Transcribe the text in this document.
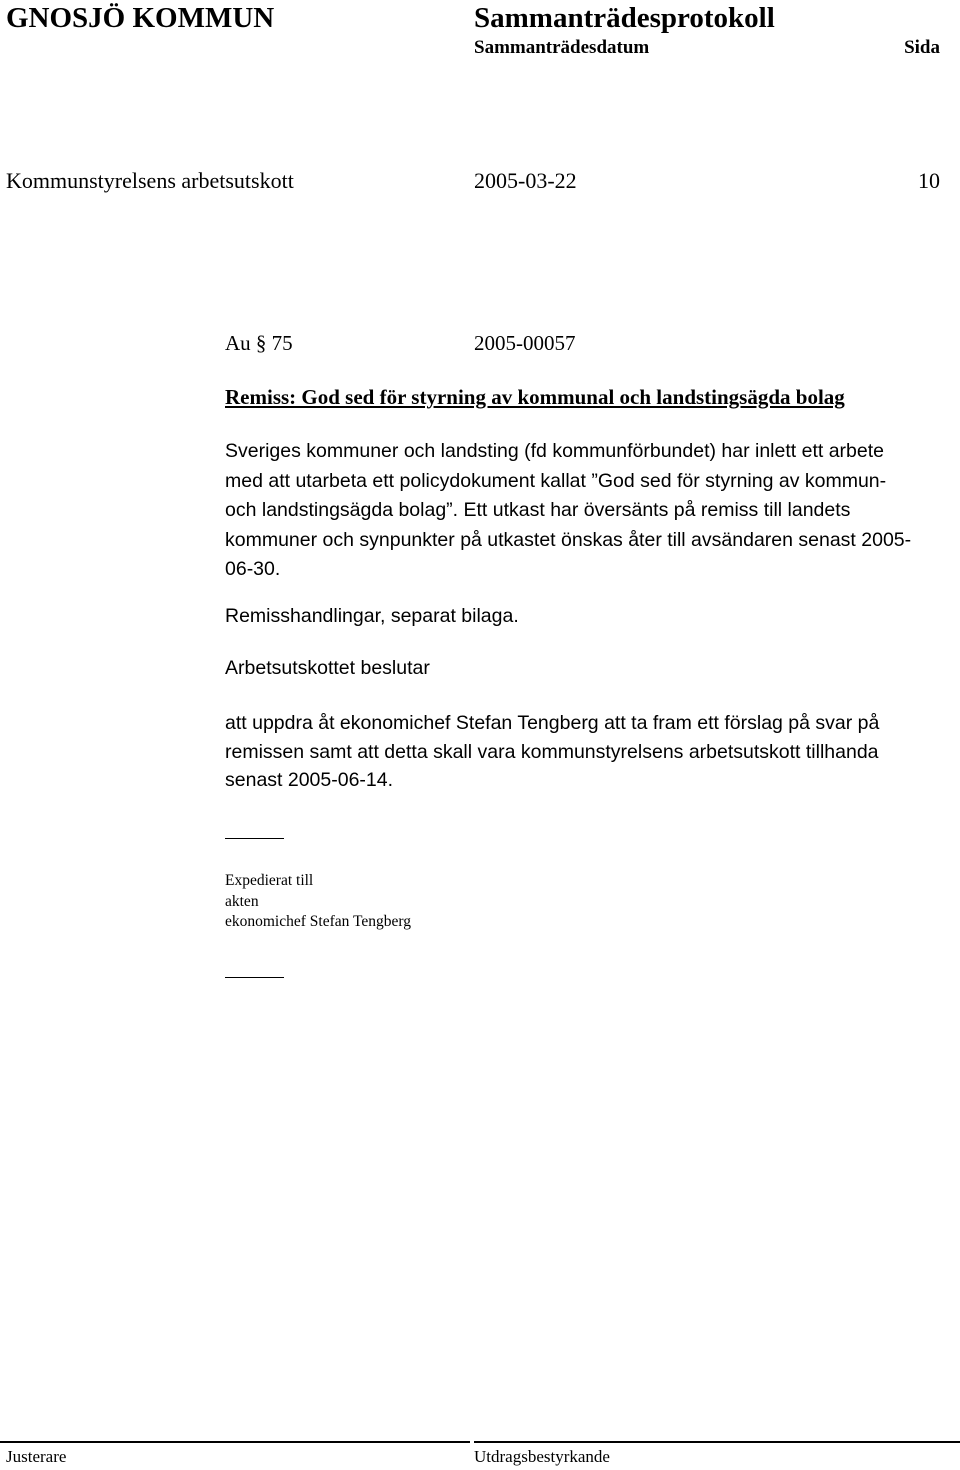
GNOSJÖ KOMMUN	Sammanträdesprotokoll
Sammanträdesdatum	Sida
Kommunstyrelsens arbetsutskott	2005-03-22	10
Au § 75	2005-00057
Remiss: God sed för styrning av kommunal och landstingsägda bolag
Sveriges kommuner och landsting (fd kommunförbundet) har inlett ett arbete
med att utarbeta ett policydokument kallat ”God sed för styrning av kommun-
och landstingsägda bolag”. Ett utkast har översänts på remiss till landets
kommuner och synpunkter på utkastet önskas åter till avsändaren senast 2005-
06-30.
Remisshandlingar, separat bilaga.
Arbetsutskottet beslutar
att uppdra åt ekonomichef Stefan Tengberg att ta fram ett förslag på svar på
remissen samt att detta skall vara kommunstyrelsens arbetsutskott tillhanda
senast 2005-06-14.
Expedierat till
akten
ekonomichef Stefan Tengberg
Justerare	Utdragsbestyrkande
